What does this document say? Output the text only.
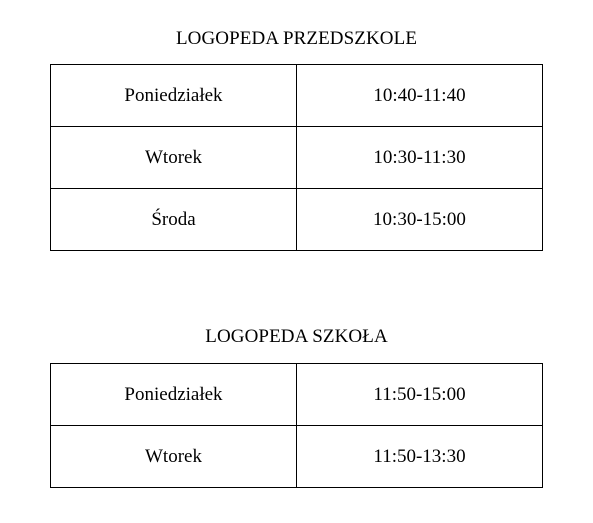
LOGOPEDA PRZEDSZKOLE
Poniedziałek	10:40-11:40
Wtorek	10:30-11:30
Środa	10:30-15:00
LOGOPEDA SZKOŁA
Poniedziałek	11:50-15:00
Wtorek	11:50-13:30
